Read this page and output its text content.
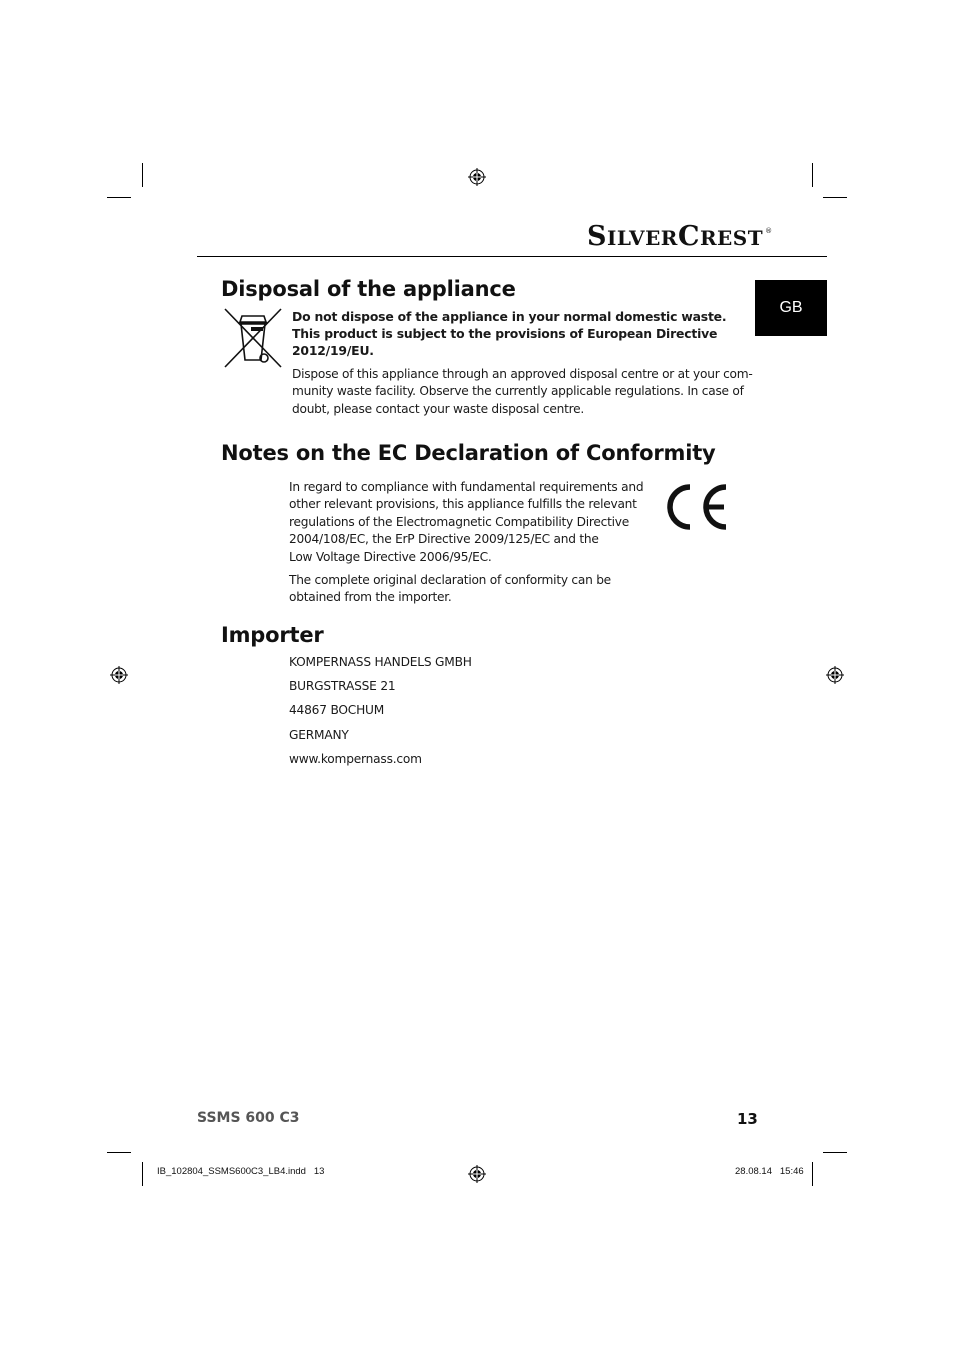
SILVERCREST ®
GB
Disposal of the appliance
Do not dispose of the appliance in your normal domestic waste.
This product is subject to the provisions of European Directive
2012/19/EU.
Dispose of this appliance through an approved disposal centre or at your com-
munity waste facility. Observe the currently applicable regulations. In case of
doubt, please contact your waste disposal centre.
Notes on the EC Declaration of Conformity
In regard to compliance with fundamental requirements and
other relevant provisions, this appliance fulfills the relevant
regulations of the Electromagnetic Compatibility Directive
2004/108/EC, the ErP Directive 2009/125/EC and the
Low Voltage Directive 2006/95/EC.
The complete original declaration of conformity can be
obtained from the importer.
Importer

KOMPERNASS HANDELS GMBH

BURGSTRASSE 21

44867 BOCHUM

GERMANY

www.kompernass.com

SSMS 600 C3	13
IB_102804_SSMS600C3_LB4.indd   13	28.08.14   15:46
